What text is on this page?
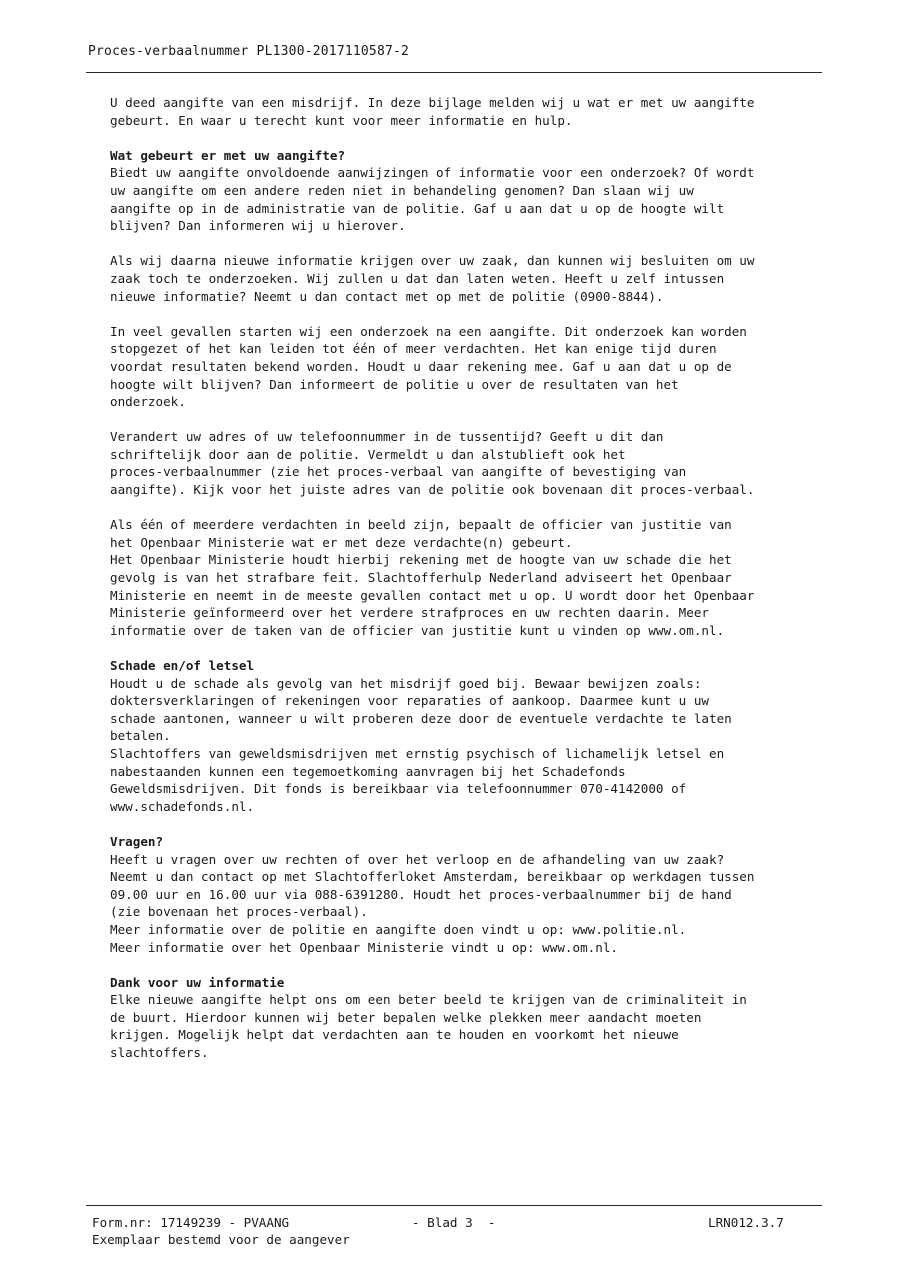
Proces-verbaalnummer PL1300-2017110587-2
U deed aangifte van een misdrijf. In deze bijlage melden wij u wat er met uw aangifte
gebeurt. En waar u terecht kunt voor meer informatie en hulp.
Wat gebeurt er met uw aangifte?
Biedt uw aangifte onvoldoende aanwijzingen of informatie voor een onderzoek? Of wordt
uw aangifte om een andere reden niet in behandeling genomen? Dan slaan wij uw
aangifte op in de administratie van de politie. Gaf u aan dat u op de hoogte wilt
blijven? Dan informeren wij u hierover.
Als wij daarna nieuwe informatie krijgen over uw zaak, dan kunnen wij besluiten om uw
zaak toch te onderzoeken. Wij zullen u dat dan laten weten. Heeft u zelf intussen
nieuwe informatie? Neemt u dan contact met op met de politie (0900-8844).
In veel gevallen starten wij een onderzoek na een aangifte. Dit onderzoek kan worden
stopgezet of het kan leiden tot één of meer verdachten. Het kan enige tijd duren
voordat resultaten bekend worden. Houdt u daar rekening mee. Gaf u aan dat u op de
hoogte wilt blijven? Dan informeert de politie u over de resultaten van het
onderzoek.
Verandert uw adres of uw telefoonnummer in de tussentijd? Geeft u dit dan
schriftelijk door aan de politie. Vermeldt u dan alstublieft ook het
proces-verbaalnummer (zie het proces-verbaal van aangifte of bevestiging van
aangifte). Kijk voor het juiste adres van de politie ook bovenaan dit proces-verbaal.
Als één of meerdere verdachten in beeld zijn, bepaalt de officier van justitie van
het Openbaar Ministerie wat er met deze verdachte(n) gebeurt.
Het Openbaar Ministerie houdt hierbij rekening met de hoogte van uw schade die het
gevolg is van het strafbare feit. Slachtofferhulp Nederland adviseert het Openbaar
Ministerie en neemt in de meeste gevallen contact met u op. U wordt door het Openbaar
Ministerie geïnformeerd over het verdere strafproces en uw rechten daarin. Meer
informatie over de taken van de officier van justitie kunt u vinden op www.om.nl.
Schade en/of letsel
Houdt u de schade als gevolg van het misdrijf goed bij. Bewaar bewijzen zoals:
doktersverklaringen of rekeningen voor reparaties of aankoop. Daarmee kunt u uw
schade aantonen, wanneer u wilt proberen deze door de eventuele verdachte te laten
betalen.
Slachtoffers van geweldsmisdrijven met ernstig psychisch of lichamelijk letsel en
nabestaanden kunnen een tegemoetkoming aanvragen bij het Schadefonds
Geweldsmisdrijven. Dit fonds is bereikbaar via telefoonnummer 070-4142000 of
www.schadefonds.nl.
Vragen?
Heeft u vragen over uw rechten of over het verloop en de afhandeling van uw zaak?
Neemt u dan contact op met Slachtofferloket Amsterdam, bereikbaar op werkdagen tussen
09.00 uur en 16.00 uur via 088-6391280. Houdt het proces-verbaalnummer bij de hand
(zie bovenaan het proces-verbaal).
Meer informatie over de politie en aangifte doen vindt u op: www.politie.nl.
Meer informatie over het Openbaar Ministerie vindt u op: www.om.nl.
Dank voor uw informatie
Elke nieuwe aangifte helpt ons om een beter beeld te krijgen van de criminaliteit in
de buurt. Hierdoor kunnen wij beter bepalen welke plekken meer aandacht moeten
krijgen. Mogelijk helpt dat verdachten aan te houden en voorkomt het nieuwe
slachtoffers.
Form.nr: 17149239 - PVAANG	- Blad 3  -	LRN012.3.7
Exemplaar bestemd voor de aangever
